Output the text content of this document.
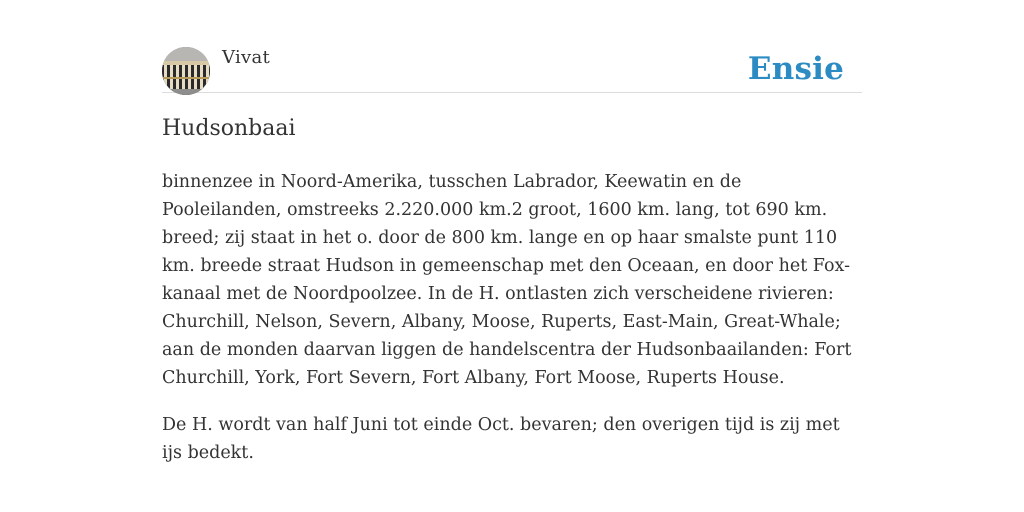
Vivat	Ensie
Hudsonbaai

binnenzee in Noord-Amerika, tusschen Labrador, Keewatin en de Pooleilanden, omstreeks 2.220.000 km.2 groot, 1600 km. lang, tot 690 km. breed; zij staat in het o. door de 800 km. lange en op haar smalste punt 110 km. breede straat Hudson in gemeenschap met den Oceaan, en door het Fox-kanaal met de Noordpoolzee. In de H. ontlasten zich verscheidene rivieren: Churchill, Nelson, Severn, Albany, Moose, Ruperts, East-Main, Great-Whale; aan de monden daarvan liggen de handelscentra der Hudsonbaailanden: Fort Churchill, York, Fort Severn, Fort Albany, Fort Moose, Ruperts House.

De H. wordt van half Juni tot einde Oct. bevaren; den overigen tijd is zij met ijs bedekt.
